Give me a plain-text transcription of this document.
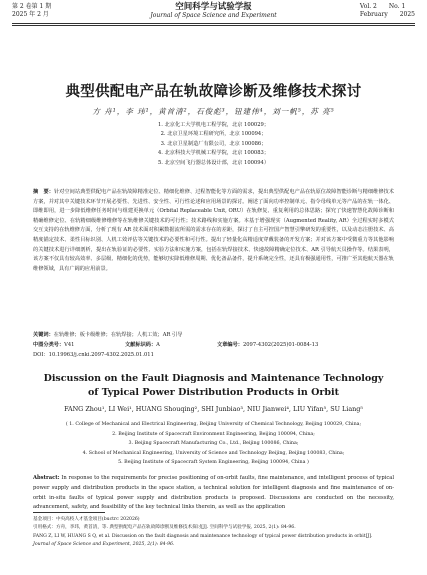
第 2 卷第 1 期
2025 年 2 月
空间科学与试验学报
Journal of Space Science and Experiment
Vol. 2 No. 1
February 2025
典型供配电产品在轨故障诊断及维修技术探讨
方 舟¹，李 玮¹，黄首清²，石俊彪³，钮建伟⁴，刘一帆⁵，苏 亮⁵
1. 北京化工大学机电工程学院，北京 100029；
2. 北京卫星环境工程研究所，北京 100094；
3. 北京卫星制造厂有限公司，北京 100086；
4. 北京科技大学机械工程学院，北京 100083；
5. 北京空间飞行器总体设计部，北京 100094）
摘　要：针对空间站典型供配电产品在轨故障精准定位、精细化维修、过程智能化等方面的需求，提出典型供配电产品在轨原位故障智能诊断与精细维修技术方案，并对其中关键技术环节开展必要性、先进性、安全性、可行性论述和应用场景的探讨。阐述了面向功率控制单元、指令母线单元等产品的在轨一体化、即维即用，进一步降低维修任务时间与组建更换单元（Orbital Replaceable Unit, ORU）在轨修复、重复利用的总体思路；探究了快速智慧化故障诊断和精确维修定位、在轨精细级维修维修等在轨维修关键技术的可行性；技术路线和实施方案。本基于增强现实（Augmented Reality, AR）全过程实时多模式交互支持的在轨维修方面，分析了现有 AR 技术面对积累数据流所需的需求存在的差距，探讨了自主可控国产智慧引擎研发的重要性，以及动态注册技术、高精度锚定技术、柔性目标识别、人机工效评估等关键技术的必要性和可行性。提出了轻量化高精适度穿戴装备的开发方案；并对该方案中受微重力等其他影响的关键技术进行详细剖析，提出在轨验证的必要性、实验方法和实施方案，包括在轨焊接技术、快速故障精确定位技术、AR 引导航天员操作等。结果表明，该方案不仅具有较高效率、多层级、精细化的优势，能够切实降低维修周期、优化备品备件，提升系统完全性，还具有极强通用性，可推广至其他航天器在轨维修领域，具有广阔的应用前景。
关键词：在轨维修；板卡级维修；在轨焊接；人机工效；AR 引导
中图分类号：V41	文献标识码：A	文章编号：2097-4302(2025)01-0084-13
DOI：10.19963/j.cnki.2097-4302.2025.01.011
Discussion on the Fault Diagnosis and Maintenance Technology of Typical Power Distribution Products in Orbit
FANG Zhou¹, LI Wei¹, HUANG Shouqing², SHI Junbiao³, NIU Jianwei⁴, LIU Yifan⁵, SU Liang⁵
( 1. College of Mechanical and Electrical Engineering, Beijing University of Chemical Technology, Beijing 100029, China;
2. Beijing Institute of Spacecraft Environment Engineering, Beijing 100094, China;
3. Beijing Spacecraft Manufacturing Co., Ltd., Beijing 100086, China;
4. School of Mechanical Engineering, University of Science and Technology Beijing, Beijing 100083, China;
5. Beijing Institute of Spacecraft System Engineering, Beijing 100094, China )
Abstract: In response to the requirements for precise positioning of on-orbit faults, fine maintenance, and intelligent process of typical power supply and distribution products in the space station, a technical solution for intelligent diagnosis and fine maintenance of on-orbit in-situ faults of typical power supply and distribution products is proposed. Discussions are conducted on the necessity, advancement, safety, and feasibility of the key technical links therein, as well as the application
基金项目：中央高校人才基金项目(buctrc 202026)
引用格式：方舟，李玮，黄首清，等. 典型供配电产品在轨故障诊断及维修技术探讨[J]. 空间科学与试验学报, 2025, 2(1): 84-96.
FANG Z, LI W, HUANG S Q, et al. Discussion on the fault diagnosis and maintenance technology of typical power distribution products in orbit[J].
Journal of Space Science and Experiment, 2025, 2(1): 84-96.
